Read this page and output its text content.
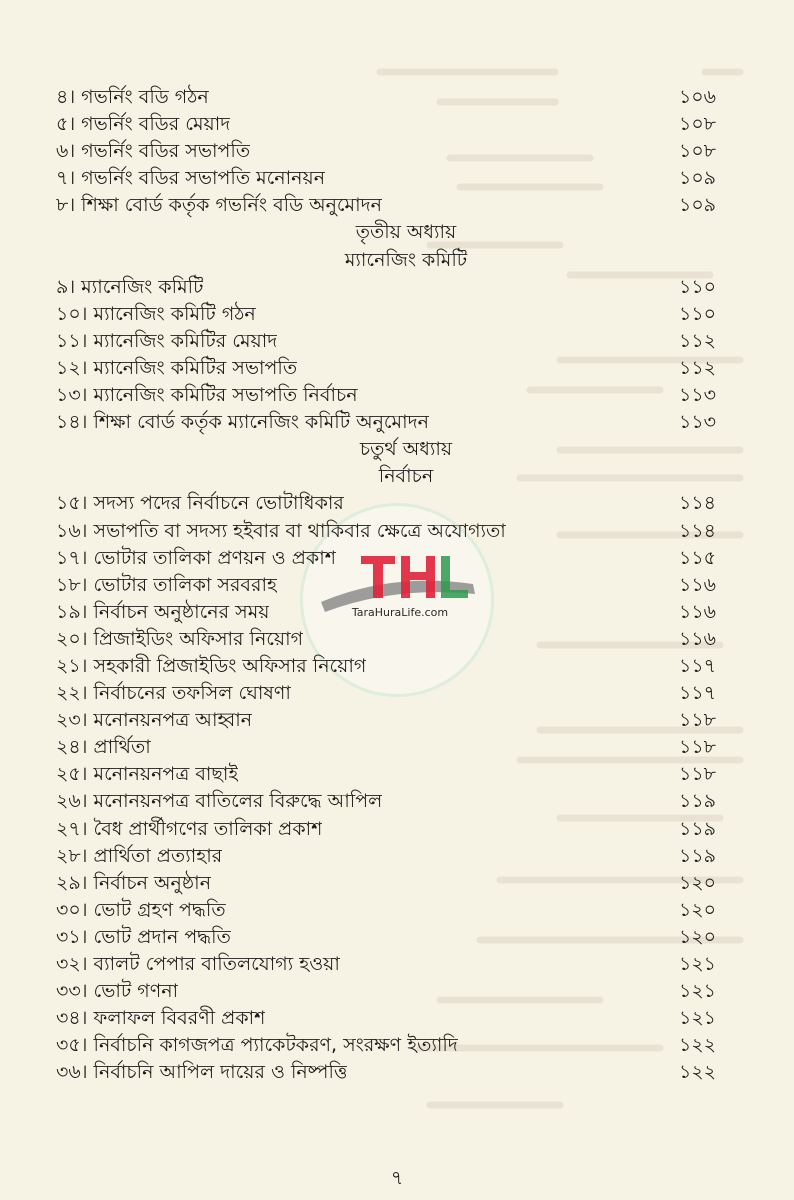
TaraHuraLife.com
৪। গভর্নিং বডি গঠন	১০৬
৫। গভর্নিং বডির মেয়াদ	১০৮
৬। গভর্নিং বডির সভাপতি	১০৮
৭। গভর্নিং বডির সভাপতি মনোনয়ন	১০৯
৮। শিক্ষা বোর্ড কর্তৃক গভর্নিং বডি অনুমোদন	১০৯
তৃতীয় অধ্যায়
ম্যানেজিং কমিটি
৯। ম্যানেজিং কমিটি	১১০
১০। ম্যানেজিং কমিটি গঠন	১১০
১১। ম্যানেজিং কমিটির মেয়াদ	১১২
১২। ম্যানেজিং কমিটির সভাপতি	১১২
১৩। ম্যানেজিং কমিটির সভাপতি নির্বাচন	১১৩
১৪। শিক্ষা বোর্ড কর্তৃক ম্যানেজিং কমিটি অনুমোদন	১১৩
চতুর্থ অধ্যায়
নির্বাচন
১৫। সদস্য পদের নির্বাচনে ভোটাধিকার	১১৪
১৬। সভাপতি বা সদস্য হইবার বা থাকিবার ক্ষেত্রে অযোগ্যতা	১১৪
১৭। ভোটার তালিকা প্রণয়ন ও প্রকাশ	১১৫
১৮। ভোটার তালিকা সরবরাহ	১১৬
১৯। নির্বাচন অনুষ্ঠানের সময়	১১৬
২০। প্রিজাইডিং অফিসার নিয়োগ	১১৬
২১। সহকারী প্রিজাইডিং অফিসার নিয়োগ	১১৭
২২। নির্বাচনের তফসিল ঘোষণা	১১৭
২৩। মনোনয়নপত্র আহ্বান	১১৮
২৪। প্রার্থিতা	১১৮
২৫। মনোনয়নপত্র বাছাই	১১৮
২৬। মনোনয়নপত্র বাতিলের বিরুদ্ধে আপিল	১১৯
২৭। বৈধ প্রার্থীগণের তালিকা প্রকাশ	১১৯
২৮। প্রার্থিতা প্রত্যাহার	১১৯
২৯। নির্বাচন অনুষ্ঠান	১২০
৩০। ভোট গ্রহণ পদ্ধতি	১২০
৩১। ভোট প্রদান পদ্ধতি	১২০
৩২। ব্যালট পেপার বাতিলযোগ্য হওয়া	১২১
৩৩। ভোট গণনা	১২১
৩৪। ফলাফল বিবরণী প্রকাশ	১২১
৩৫। নির্বাচনি কাগজপত্র প্যাকেটকরণ, সংরক্ষণ ইত্যাদি	১২২
৩৬। নির্বাচনি আপিল দায়ের ও নিষ্পত্তি	১২২
৭
